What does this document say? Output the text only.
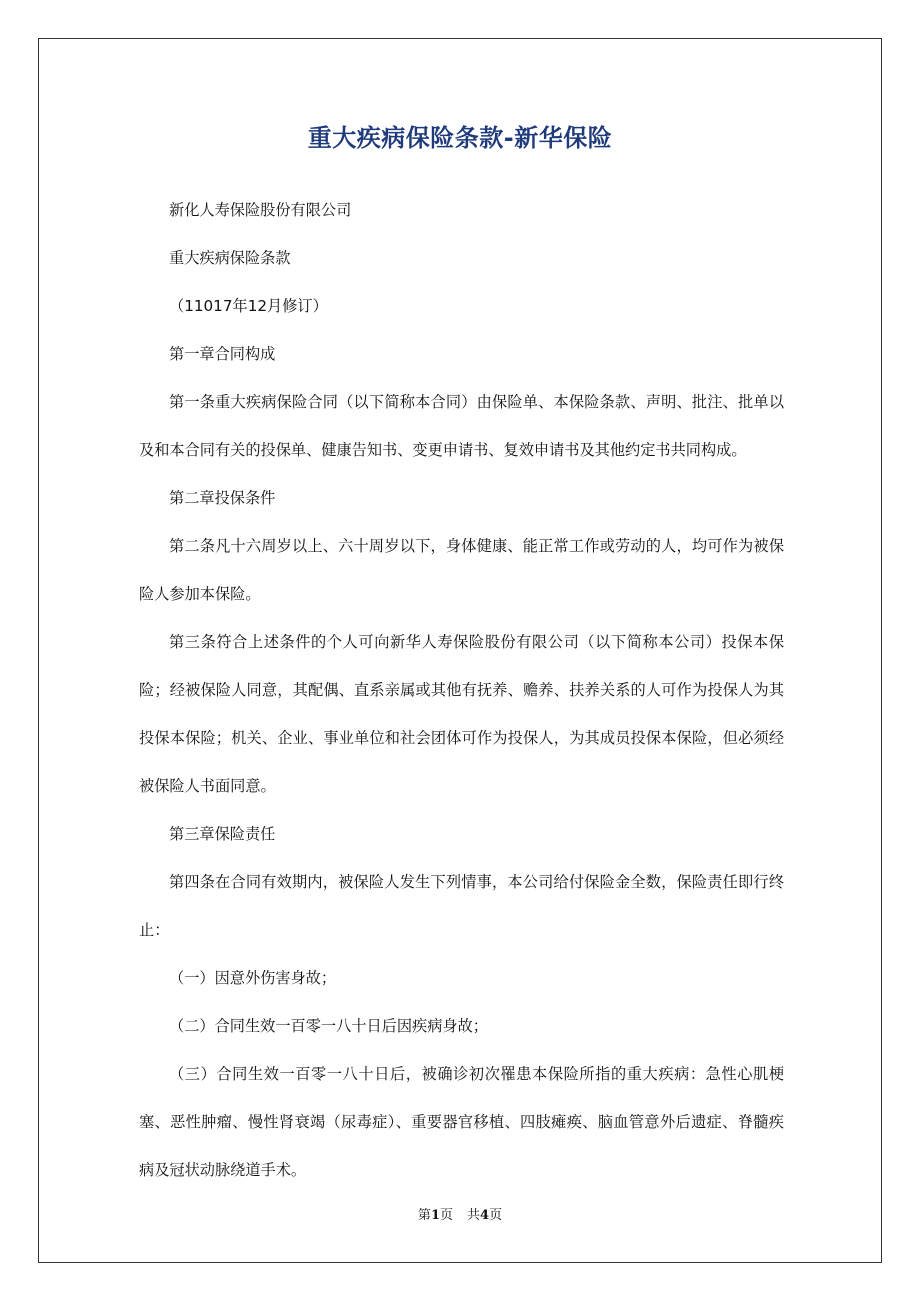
重大疾病保险条款-新华保险

新化人寿保险股份有限公司

重大疾病保险条款

（11017年12月修订）

第一章合同构成

第一条重大疾病保险合同（以下简称本合同）由保险单、本保险条款、声明、批注、批单以及和本合同有关的投保单、健康告知书、变更申请书、复效申请书及其他约定书共同构成。

第二章投保条件

第二条凡十六周岁以上、六十周岁以下，身体健康、能正常工作或劳动的人，均可作为被保险人参加本保险。

第三条符合上述条件的个人可向新华人寿保险股份有限公司（以下简称本公司）投保本保险；经被保险人同意，其配偶、直系亲属或其他有抚养、赡养、扶养关系的人可作为投保人为其投保本保险；机关、企业、事业单位和社会团体可作为投保人，为其成员投保本保险，但必须经被保险人书面同意。

第三章保险责任

第四条在合同有效期内，被保险人发生下列情事，本公司给付保险金全数，保险责任即行终止：

（一）因意外伤害身故；

（二）合同生效一百零一八十日后因疾病身故；

（三）合同生效一百零一八十日后，被确诊初次罹患本保险所指的重大疾病：急性心肌梗塞、恶性肿瘤、慢性肾衰竭（尿毒症）、重要器官移植、四肢瘫痪、脑血管意外后遗症、脊髓疾病及冠状动脉绕道手术。

第1页 共4页
